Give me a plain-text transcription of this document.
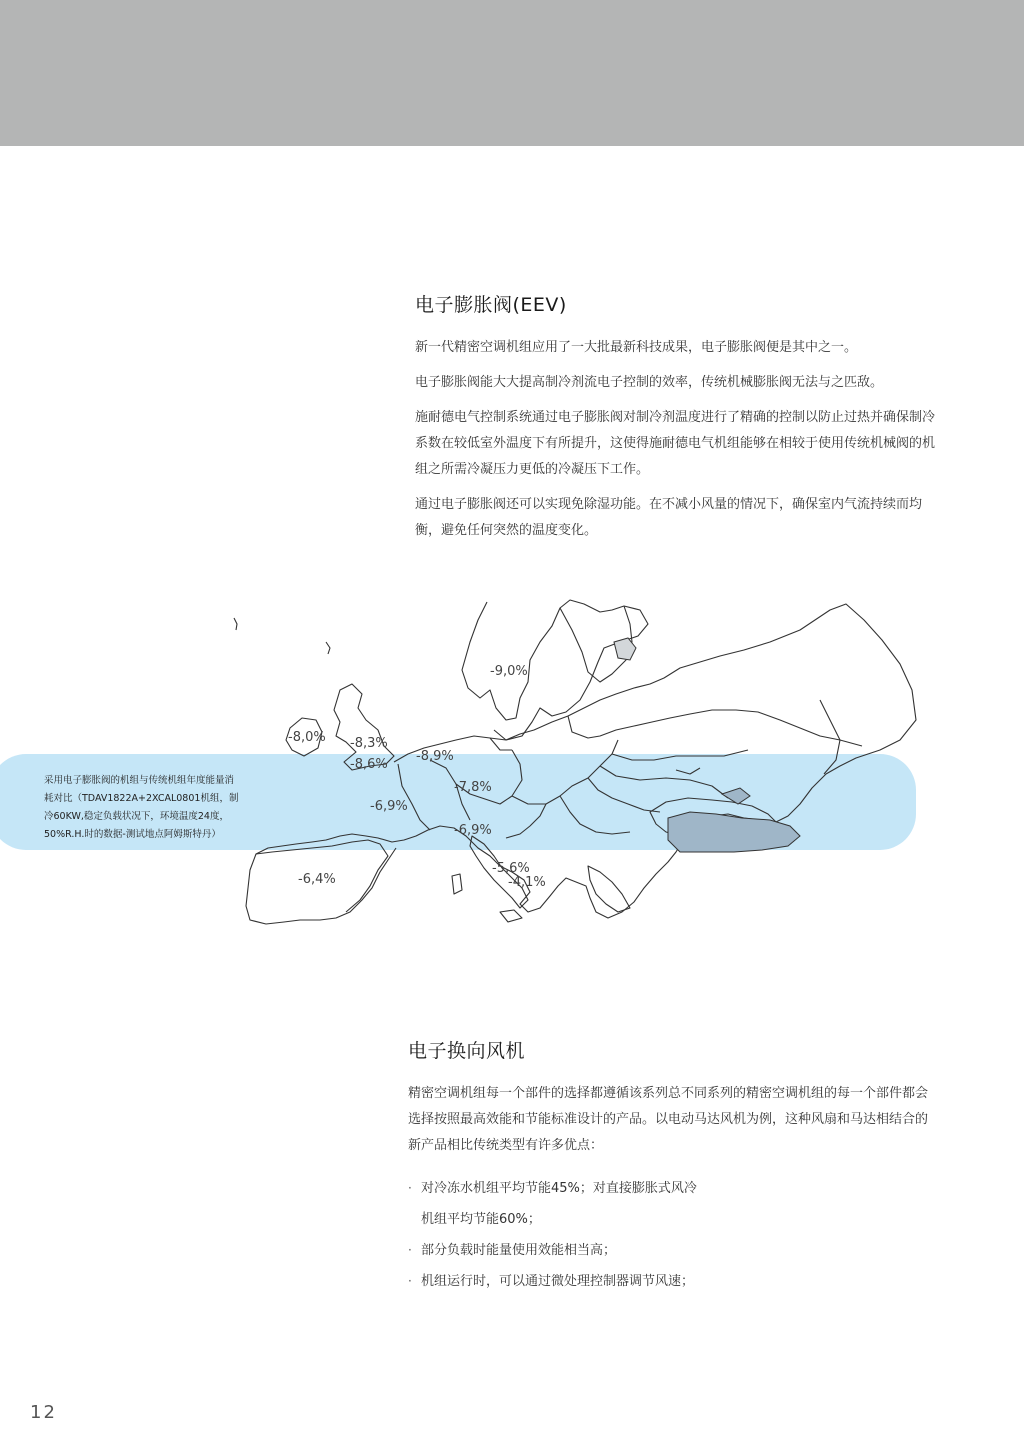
电子膨胀阀(EEV)

新一代精密空调机组应用了一大批最新科技成果，电子膨胀阀便是其中之一。

电子膨胀阀能大大提高制冷剂流电子控制的效率，传统机械膨胀阀无法与之匹敌。

施耐德电气控制系统通过电子膨胀阀对制冷剂温度进行了精确的控制以防止过热并确保制冷系数在较低室外温度下有所提升，这使得施耐德电气机组能够在相较于使用传统机械阀的机组之所需冷凝压力更低的冷凝压下工作。

通过电子膨胀阀还可以实现免除湿功能。在不减小风量的情况下，确保室内气流持续而均衡，避免任何突然的温度变化。

-9,0%
-8,0% -8,3%
-8,6%
-8,9%
-7,8%
-6,9%
-6,9%
-6,4%
-5,6%
-4,1%
采用电子膨胀阀的机组与传统机组年度能量消耗对比（TDAV1822A+2XCAL0801机组，制冷60KW,稳定负载状况下，环境温度24度，50%R.H.时的数据-测试地点阿姆斯特丹）
电子换向风机

精密空调机组每一个部件的选择都遵循该系列总不同系列的精密空调机组的每一个部件都会选择按照最高效能和节能标准设计的产品。以电动马达风机为例，这种风扇和马达相结合的新产品相比传统类型有许多优点：

· 对冷冻水机组平均节能45%；对直接膨胀式风冷
机组平均节能60%；
· 部分负载时能量使用效能相当高；
· 机组运行时，可以通过微处理控制器调节风速；
12
